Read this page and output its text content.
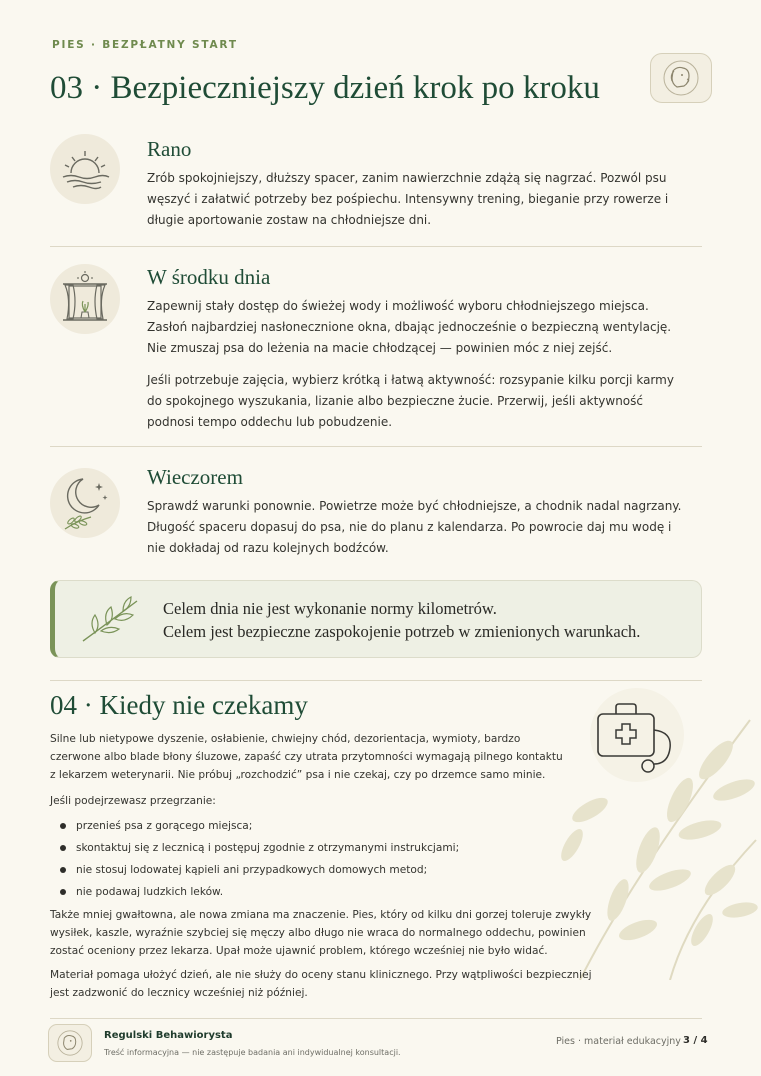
PIES · BEZPŁATNY START
03 · Bezpieczniejszy dzień krok po kroku
Rano

Zrób spokojniejszy, dłuższy spacer, zanim nawierzchnie zdążą się nagrzać. Pozwól psu węszyć i załatwić potrzeby bez pośpiechu. Intensywny trening, bieganie przy rowerze i długie aportowanie zostaw na chłodniejsze dni.

W środku dnia

Zapewnij stały dostęp do świeżej wody i możliwość wyboru chłodniejszego miejsca. Zasłoń najbardziej nasłonecznione okna, dbając jednocześnie o bezpieczną wentylację. Nie zmuszaj psa do leżenia na macie chłodzącej — powinien móc z niej zejść.

Jeśli potrzebuje zajęcia, wybierz krótką i łatwą aktywność: rozsypanie kilku porcji karmy do spokojnego wyszukania, lizanie albo bezpieczne żucie. Przerwij, jeśli aktywność podnosi tempo oddechu lub pobudzenie.

Wieczorem

Sprawdź warunki ponownie. Powietrze może być chłodniejsze, a chodnik nadal nagrzany. Długość spaceru dopasuj do psa, nie do planu z kalendarza. Po powrocie daj mu wodę i nie dokładaj od razu kolejnych bodźców.

Celem dnia nie jest wykonanie normy kilometrów.
Celem jest bezpieczne zaspokojenie potrzeb w zmienionych warunkach.

04 · Kiedy nie czekamy

Silne lub nietypowe dyszenie, osłabienie, chwiejny chód, dezorientacja, wymioty, bardzo czerwone albo blade błony śluzowe, zapaść czy utrata przytomności wymagają pilnego kontaktu z lekarzem weterynarii. Nie próbuj „rozchodzić” psa i nie czekaj, czy po drzemce samo minie.

Jeśli podejrzewasz przegrzanie:

przenieś psa z gorącego miejsca;
skontaktuj się z lecznicą i postępuj zgodnie z otrzymanymi instrukcjami;
nie stosuj lodowatej kąpieli ani przypadkowych domowych metod;
nie podawaj ludzkich leków.

Także mniej gwałtowna, ale nowa zmiana ma znaczenie. Pies, który od kilku dni gorzej toleruje zwykły wysiłek, kaszle, wyraźnie szybciej się męczy albo długo nie wraca do normalnego oddechu, powinien zostać oceniony przez lekarza. Upał może ujawnić problem, którego wcześniej nie było widać.

Materiał pomaga ułożyć dzień, ale nie służy do oceny stanu klinicznego. Przy wątpliwości bezpieczniej jest zadzwonić do lecznicy wcześniej niż później.

Regulski Behawiorysta
Treść informacyjna — nie zastępuje badania ani indywidualnej konsultacji.
Pies · materiał edukacyjny 3 / 4
